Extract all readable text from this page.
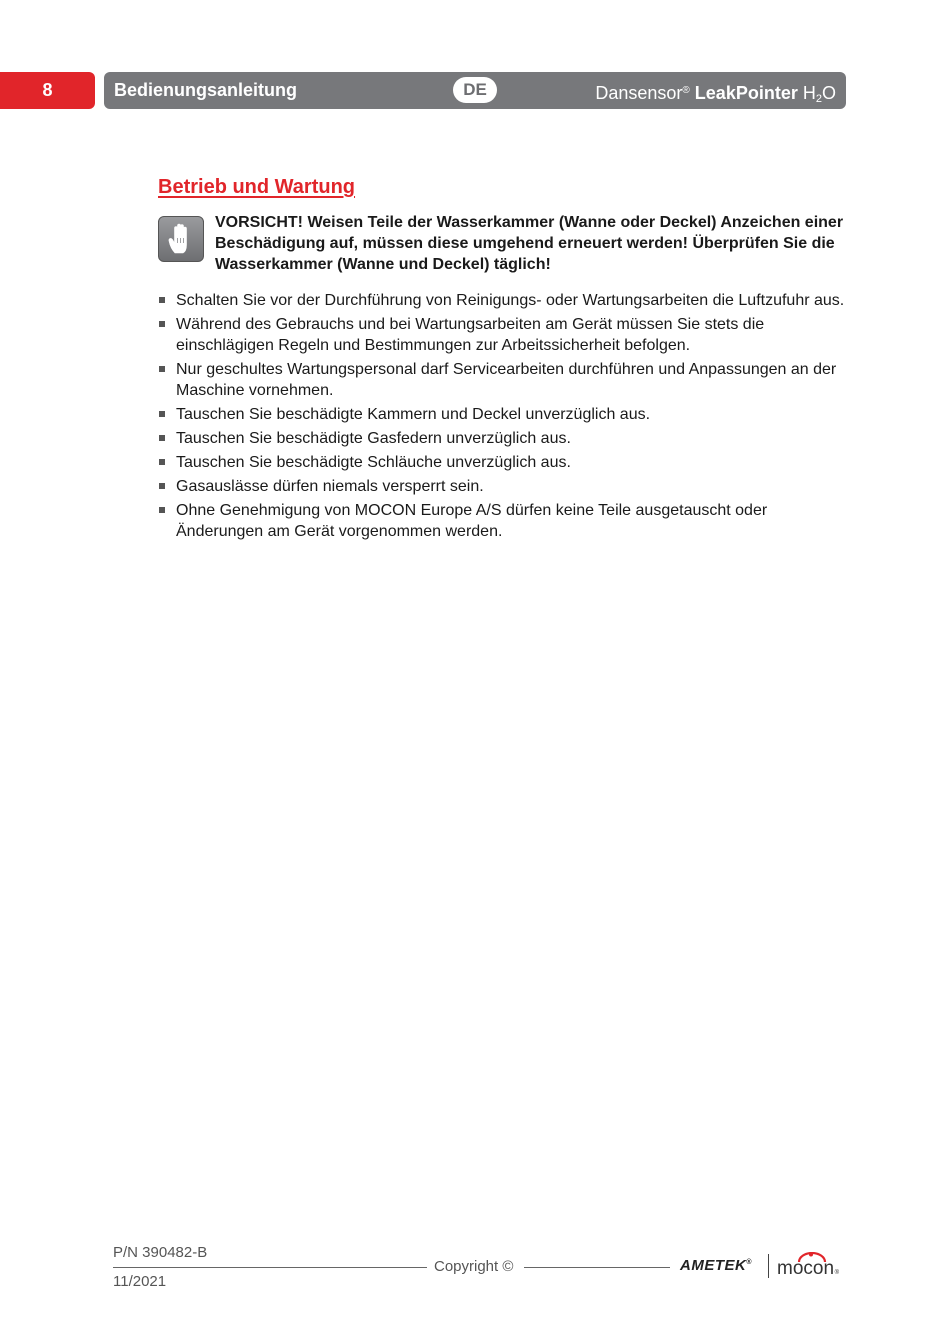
8	Bedienungsanleitung	DE	Dansensor® LeakPointer $H_2O$
Betrieb und Wartung

VORSICHT! Weisen Teile der Wasserkammer (Wanne oder Deckel) Anzeichen einer Beschädigung auf, müssen diese umgehend erneuert werden! Überprüfen Sie die Wasserkammer (Wanne und Deckel) täglich!

Schalten Sie vor der Durchführung von Reinigungs- oder Wartungsarbeiten die Luftzufuhr aus.
Während des Gebrauchs und bei Wartungsarbeiten am Gerät müssen Sie stets die einschlägigen Regeln und Bestimmungen zur Arbeitssicherheit befolgen.
Nur geschultes Wartungspersonal darf Servicearbeiten durchführen und Anpassungen an der Maschine vornehmen.
Tauschen Sie beschädigte Kammern und Deckel unverzüglich aus.
Tauschen Sie beschädigte Gasfedern unverzüglich aus.
Tauschen Sie beschädigte Schläuche unverzüglich aus.
Gasauslässe dürfen niemals versperrt sein.
Ohne Genehmigung von MOCON Europe A/S dürfen keine Teile ausgetauscht oder Änderungen am Gerät vorgenommen werden.
P/N 390482-B
Copyright ©
11/2021
AMETEK® mocon ®
